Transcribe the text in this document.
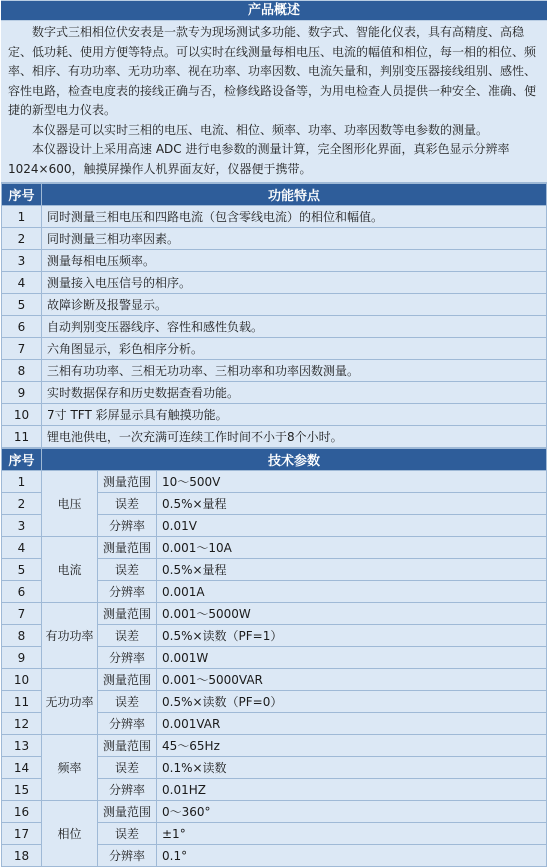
产品概述

数字式三相相位伏安表是一款专为现场测试多功能、数字式、智能化仪表，具有高精度、高稳定、低功耗、使用方便等特点。可以实时在线测量每相电压、电流的幅值和相位，每一相的相位、频率、相序、有功功率、无功功率、视在功率、功率因数、电流矢量和，判别变压器接线组别、感性、容性电路，检查电度表的接线正确与否，检修线路设备等，为用电检查人员提供一种安全、准确、便捷的新型电力仪表。

本仪器是可以实时三相的电压、电流、相位、频率、功率、功率因数等电参数的测量。

本仪器设计上采用高速 ADC 进行电参数的测量计算，完全图形化界面，真彩色显示分辨率 1024×600，触摸屏操作人机界面友好，仪器便于携带。

序号	功能特点
1	同时测量三相电压和四路电流（包含零线电流）的相位和幅值。
2	同时测量三相功率因素。
3	测量每相电压频率。
4	测量接入电压信号的相序。
5	故障诊断及报警显示。
6	自动判别变压器线序、容性和感性负载。
7	六角图显示，彩色相序分析。
8	三相有功功率、三相无功功率、三相功率和功率因数测量。
9	实时数据保存和历史数据查看功能。
10	7寸 TFT 彩屏显示具有触摸功能。
11	锂电池供电，一次充满可连续工作时间不小于8个小时。
序号	技术参数		
1	电压	测量范围	10～500V
2		误差	0.5%×量程
3		分辨率	0.01V
4	电流	测量范围	0.001～10A
5		误差	0.5%×量程
6		分辨率	0.001A
7	有功功率	测量范围	0.001～5000W
8		误差	0.5%×读数（PF=1）
9		分辨率	0.001W
10	无功功率	测量范围	0.001～5000VAR
11		误差	0.5%×读数（PF=0）
12		分辨率	0.001VAR
13	频率	测量范围	45～65Hz
14		误差	0.1%×读数
15		分辨率	0.01HZ
16	相位	测量范围	0～360°
17		误差	±1°
18		分辨率	0.1°
